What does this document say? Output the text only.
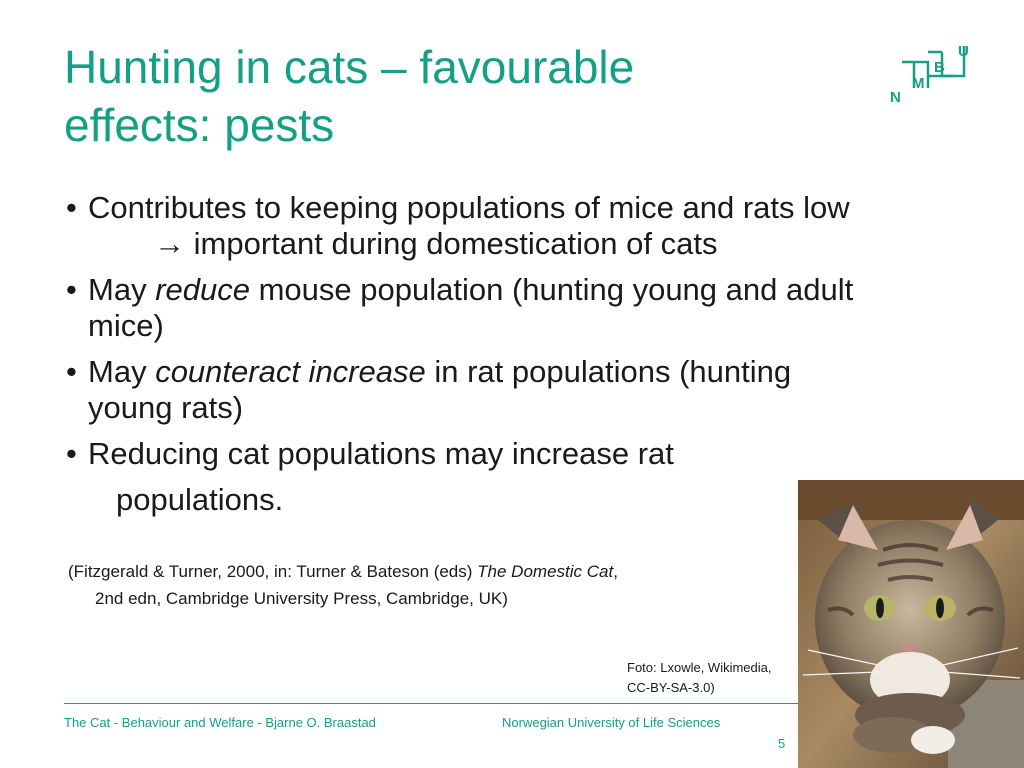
Hunting in cats – favourable
effects: pests
N
M
B
U
• Contributes to keeping populations of mice and rats low
→ important during domestication of cats
• May reduce mouse population (hunting young and adult
mice)
• May counteract increase in rat populations (hunting
young rats)
• Reducing cat populations may increase rat
populations.
(Fitzgerald & Turner, 2000, in: Turner & Bateson (eds) The Domestic Cat,
2nd edn, Cambridge University Press, Cambridge, UK)
Foto: Lxowle, Wikimedia,
CC-BY-SA-3.0)
The Cat - Behaviour and Welfare - Bjarne O. Braastad	Norwegian University of Life Sciences
5
